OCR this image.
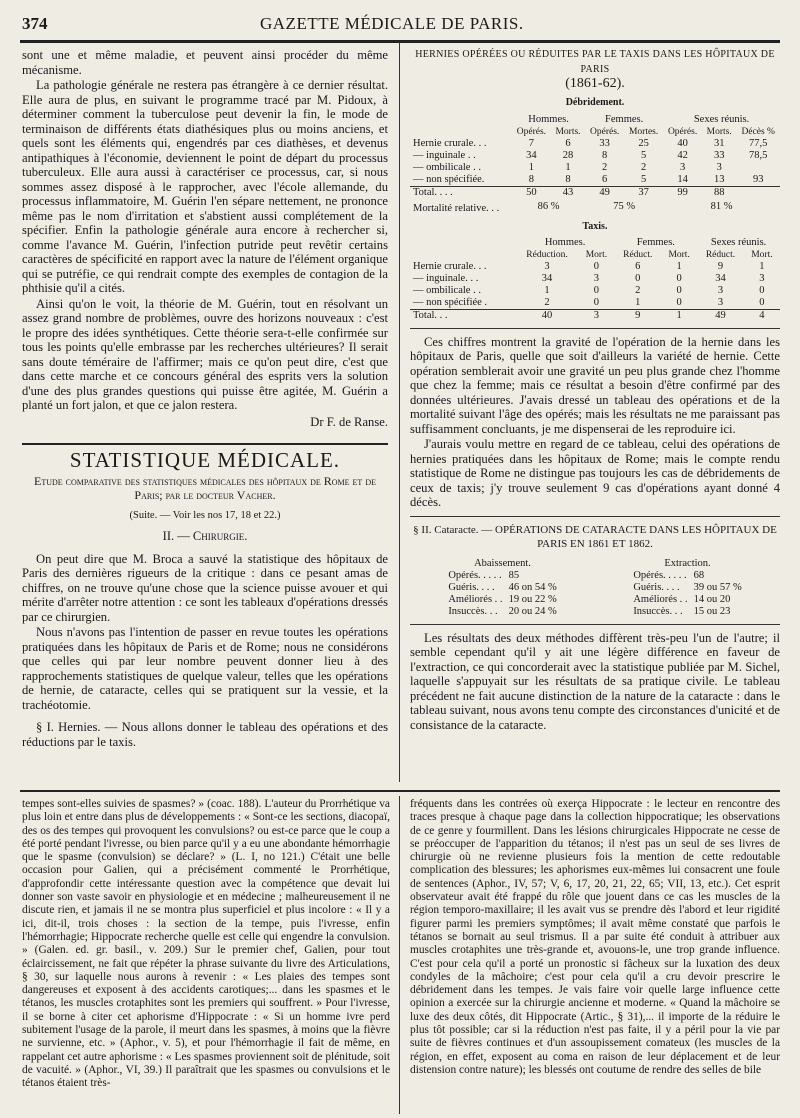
374	GAZETTE MÉDICALE DE PARIS.

sont une et même maladie, et peuvent ainsi procéder du même mécanisme.

La pathologie générale ne restera pas étrangère à ce dernier résultat. Elle aura de plus, en suivant le programme tracé par M. Pidoux, à déterminer comment la tuberculose peut devenir la fin, le mode de terminaison de différents états diathésiques plus ou moins anciens, et quels sont les éléments qui, engendrés par ces diathèses, et devenus antipathiques à l'économie, deviennent le point de départ du processus tuberculeux. Elle aura aussi à caractériser ce processus, car, si nous sommes assez disposé à le rapprocher, avec l'école allemande, du processus inflammatoire, M. Guérin l'en sépare nettement, ne prononce même pas le nom d'irritation et s'abstient aussi complétement de la spécifier. Enfin la pathologie générale aura encore à rechercher si, comme l'avance M. Guérin, l'infection putride peut revêtir certains caractères de spécificité en rapport avec la nature de l'élément organique qui se putréfie, ce qui rendrait compte des exemples de contagion de la phthisie qu'il a cités.

Ainsi qu'on le voit, la théorie de M. Guérin, tout en résolvant un assez grand nombre de problèmes, ouvre des horizons nouveaux : c'est le propre des idées synthétiques. Cette théorie sera-t-elle confirmée sur tous les points qu'elle embrasse par les recherches ultérieures? Il serait sans doute téméraire de l'affirmer; mais ce qu'on peut dire, c'est que dans cette marche et ce concours général des esprits vers la solution d'une des plus grandes questions qui puisse être agitée, M. Guérin a planté un fort jalon, et que ce jalon restera.

Dr F. de Ranse.
STATISTIQUE MÉDICALE.
Etude comparative des statistiques médicales des hôpitaux de Rome et de Paris; par le docteur Vacher.
(Suite. — Voir les nos 17, 18 et 22.)
II. — Chirurgie.

On peut dire que M. Broca a sauvé la statistique des hôpitaux de Paris des dernières rigueurs de la critique : dans ce pesant amas de chiffres, on ne trouve qu'une chose que la science puisse avouer et qui mérite d'arrêter notre attention : ce sont les tableaux d'opérations dressés par ce chirurgien.

Nous n'avons pas l'intention de passer en revue toutes les opérations pratiquées dans les hôpitaux de Paris et de Rome; nous ne considérons que celles qui par leur nombre peuvent donner lieu à des rapprochements statistiques de quelque valeur, telles que les opérations de hernie, de cataracte, celles qui se pratiquent sur la vessie, et la trachéotomie.

§ I. Hernies. — Nous allons donner le tableau des opérations et des réductions par le taxis.

HERNIES OPÉRÉES OU RÉDUITES PAR LE TAXIS DANS LES HÔPITAUX DE PARIS
(1861-62).
Débridement.
	Hommes.		Femmes.		Sexes réunis.		
	Opérés.	Morts.	Opérés.	Mortes.	Opérés.	Morts.	Décès %
Hernie crurale. . .	7	6	33	25	40	31	77,5
— inguinale . .	34	28	8	5	42	33	78,5
— ombilicale . .	1	1	2	2	3	3	
— non spécifiée.	8	8	6	5	14	13	93
Total. . . .	50	43	49	37	99	88	
Mortalité relative. . .	86 %		75 %		81 %		
Taxis.
	Hommes.		Femmes.		Sexes réunis.	
	Réduction.	Mort.	Réduct.	Mort.	Réduct.	Mort.
Hernie crurale. . .	3	0	6	1	9	1
— inguinale. . .	34	3	0	0	34	3
— ombilicale . .	1	0	2	0	3	0
— non spécifiée .	2	0	1	0	3	0
Total. . .	40	3	9	1	49	4

Ces chiffres montrent la gravité de l'opération de la hernie dans les hôpitaux de Paris, quelle que soit d'ailleurs la variété de hernie. Cette opération semblerait avoir une gravité un peu plus grande chez l'homme que chez la femme; mais ce résultat a besoin d'être confirmé par des données ultérieures. J'avais dressé un tableau des opérations et de la mortalité suivant l'âge des opérés; mais les résultats ne me paraissant pas suffisamment concluants, je me dispenserai de les reproduire ici.

J'aurais voulu mettre en regard de ce tableau, celui des opérations de hernies pratiquées dans les hôpitaux de Rome; mais le compte rendu statistique de Rome ne distingue pas toujours les cas de débridements de ceux de taxis; j'y trouve seulement 9 cas d'opérations ayant donné 4 décès.

§ II. Cataracte. — OPÉRATIONS DE CATARACTE DANS LES HÔPITAUX DE PARIS EN 1861 ET 1862.
Abaissement.	
Opérés. . . . .	85
Guéris. . . .	46 on 54 %
Améliorés . .	19 ou 22 %
Insuccès. . .	20 ou 24 %
Extraction.	
Opérés. . . . .	68
Guéris. . . .	39 ou 57 %
Améliorés . .	14 ou 20
Insuccès. . .	15 ou 23

Les résultats des deux méthodes diffèrent très-peu l'un de l'autre; il semble cependant qu'il y ait une légère différence en faveur de l'extraction, ce qui concorderait avec la statistique publiée par M. Sichel, laquelle s'appuyait sur les résultats de sa pratique civile. Le tableau précédent ne fait aucune distinction de la nature de la cataracte : dans le tableau suivant, nous avons tenu compte des circonstances d'unicité et de consistance de la cataracte.

tempes sont-elles suivies de spasmes? » (coac. 188). L'auteur du Prorrhétique va plus loin et entre dans plus de développements : « Sont-ce les sections, diacopaï, des os des tempes qui provoquent les convulsions? ou est-ce parce que le coup a été porté pendant l'ivresse, ou bien parce qu'il y a eu une abondante hémorrhagie que le spasme (convulsion) se déclare? » (L. I, no 121.) C'était une belle occasion pour Galien, qui a précisément commenté le Prorrhétique, d'approfondir cette intéressante question avec la compétence que devait lui donner son vaste savoir en physiologie et en médecine ; malheureusement il ne discute rien, et jamais il ne se montra plus superficiel et plus incolore : « Il y a ici, dit-il, trois choses : la section de la tempe, puis l'ivresse, enfin l'hémorrhagie; Hippocrate recherche quelle est celle qui engendre la convulsion. » (Galen. ed. gr. basil., v. 209.) Sur le premier chef, Galien, pour tout éclaircissement, ne fait que répéter la phrase suivante du livre des Articulations, § 30, sur laquelle nous aurons à revenir : « Les plaies des tempes sont dangereuses et exposent à des accidents carotiques;... dans les spasmes et le tétanos, les muscles crotaphites sont les premiers qui souffrent. » Pour l'ivresse, il se borne à citer cet aphorisme d'Hippocrate : « Si un homme ivre perd subitement l'usage de la parole, il meurt dans les spasmes, à moins que la fièvre ne survienne, etc. » (Aphor., v. 5), et pour l'hémorrhagie il fait de même, en rappelant cet autre aphorisme : « Les spasmes proviennent soit de plénitude, soit de vacuité. » (Aphor., VI, 39.) Il paraîtrait que les spasmes ou convulsions et le tétanos étaient très-

fréquents dans les contrées où exerça Hippocrate : le lecteur en rencontre des traces presque à chaque page dans la collection hippocratique; les observations de ce genre y fourmillent. Dans les lésions chirurgicales Hippocrate ne cesse de se préoccuper de l'apparition du tétanos; il n'est pas un seul de ses livres de chirurgie où ne revienne plusieurs fois la mention de cette redoutable complication des blessures; les aphorismes eux-mêmes lui consacrent une foule de sentences (Aphor., IV, 57; V, 6, 17, 20, 21, 22, 65; VII, 13, etc.). Cet esprit observateur avait été frappé du rôle que jouent dans ce cas les muscles de la région temporo-maxillaire; il les avait vus se prendre dès l'abord et leur rigidité figurer parmi les premiers symptômes; il avait même constaté que parfois le tétanos se bornait au seul trismus. Il a par suite été conduit à attribuer aux muscles crotaphites une très-grande et, avouons-le, une trop grande influence. C'est pour cela qu'il a porté un pronostic si fâcheux sur la luxation des deux condyles de la mâchoire; c'est pour cela qu'il a cru devoir prescrire le débridement dans les tempes. Je vais faire voir quelle large influence cette opinion a exercée sur la chirurgie ancienne et moderne. « Quand la mâchoire se luxe des deux côtés, dit Hippocrate (Artic., § 31),... il importe de la réduire le plus tôt possible; car si la réduction n'est pas faite, il y a péril pour la vie par suite de fièvres continues et d'un assoupissement comateux (les muscles de la région, en effet, exposent au coma en raison de leur déplacement et de leur distension contre nature); les blessés ont coutume de rendre des selles de bile
